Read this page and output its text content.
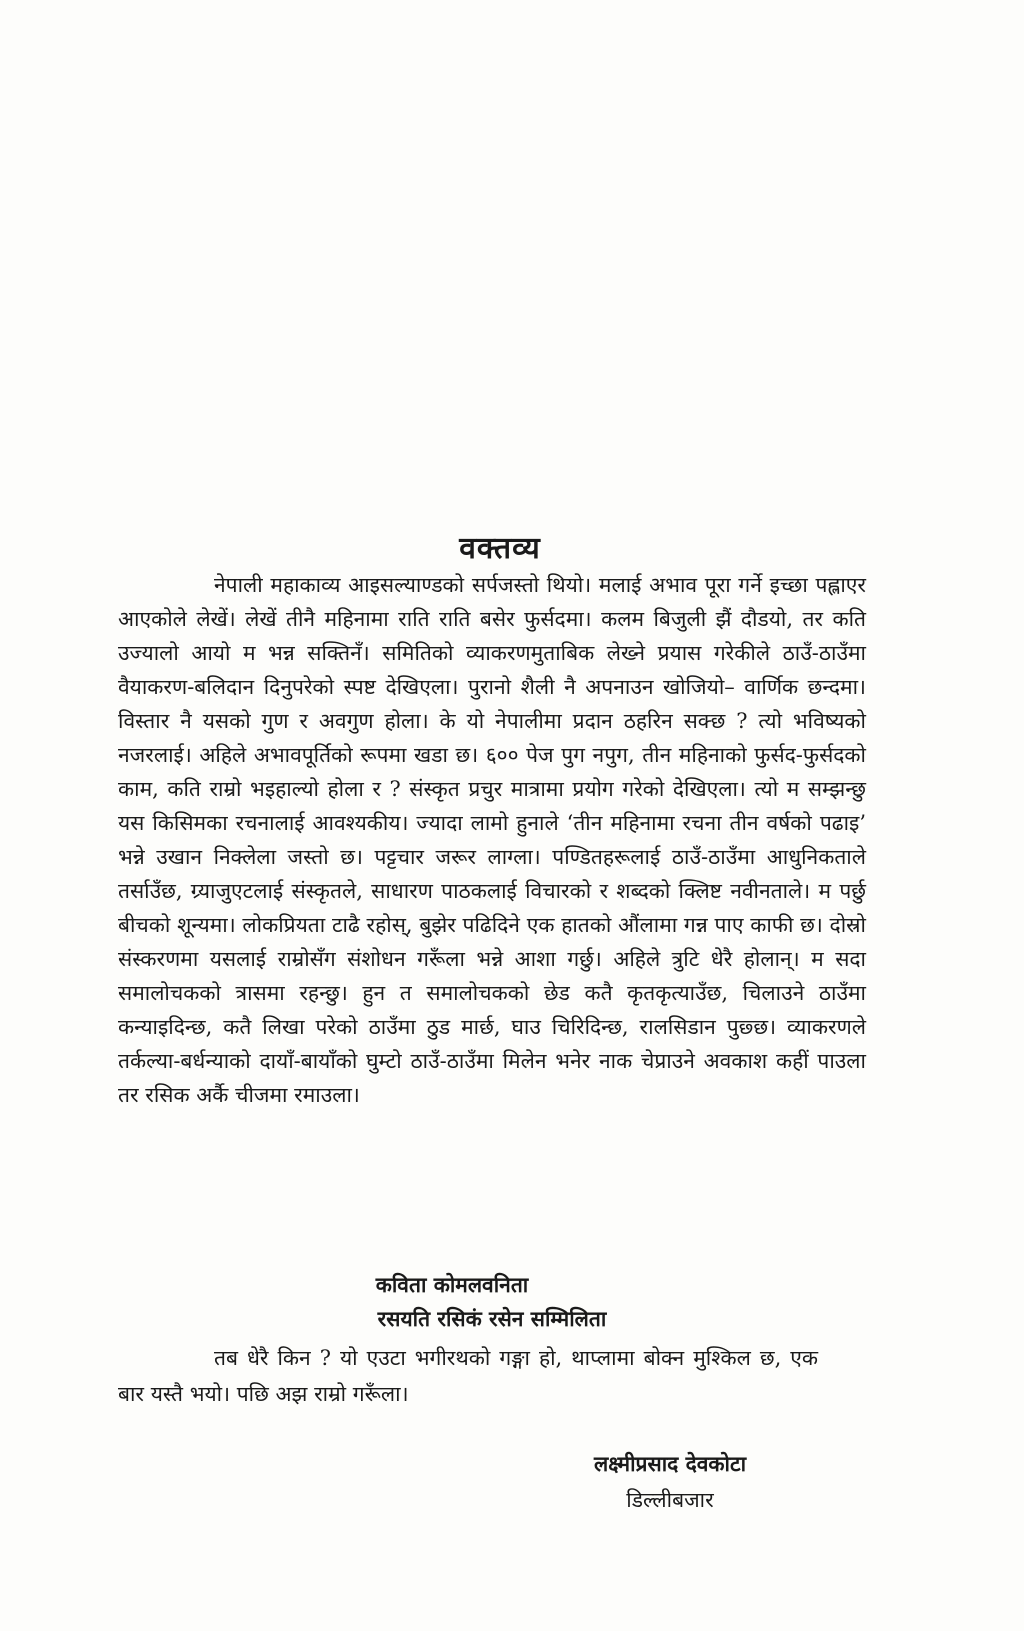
वक्तव्य

नेपाली महाकाव्य आइसल्याण्डको सर्पजस्तो थियो। मलाई अभाव पूरा गर्ने इच्छा पह्लाएर आएकोले लेखें। लेखें तीनै महिनामा राति राति बसेर फुर्सदमा। कलम बिजुली झैं दौडयो, तर कति उज्यालो आयो म भन्न सक्तिनँ। समितिको व्याकरणमुताबिक लेख्ने प्रयास गरेकीले ठाउँ-ठाउँमा वैयाकरण-बलिदान दिनुपरेको स्पष्ट देखिएला। पुरानो शैली नै अपनाउन खोजियो– वार्णिक छन्दमा। विस्तार नै यसको गुण र अवगुण होला। के यो नेपालीमा प्रदान ठहरिन सक्छ ? त्यो भविष्यको नजरलाई। अहिले अभावपूर्तिको रूपमा खडा छ। ६०० पेज पुग नपुग, तीन महिनाको फुर्सद-फुर्सदको काम, कति राम्रो भइहाल्यो होला र ? संस्कृत प्रचुर मात्रामा प्रयोग गरेको देखिएला। त्यो म सम्झन्छु यस किसिमका रचनालाई आवश्यकीय। ज्यादा लामो हुनाले ‘तीन महिनामा रचना तीन वर्षको पढाइ’ भन्ने उखान निक्लेला जस्तो छ। पट्टचार जरूर लाग्ला। पण्डितहरूलाई ठाउँ-ठाउँमा आधुनिकताले तर्साउँछ, ग्र्याजुएटलाई संस्कृतले, साधारण पाठकलाई विचारको र शब्दको क्लिष्ट नवीनताले। म पर्छु बीचको शून्यमा। लोकप्रियता टाढै रहोस्, बुझेर पढिदिने एक हातको औंलामा गन्न पाए काफी छ। दोस्रो संस्करणमा यसलाई राम्रोसँग संशोधन गरूँला भन्ने आशा गर्छु। अहिले त्रुटि धेरै होलान्। म सदा समालोचकको त्रासमा रहन्छु। हुन त समालोचकको छेड कतै कृतकृत्याउँछ, चिलाउने ठाउँमा कन्याइदिन्छ, कतै लिखा परेको ठाउँमा ठुड मार्छ, घाउ चिरिदिन्छ, रालसिडान पुछ्छ। व्याकरणले तर्कल्या-बर्धन्याको दायाँ-बायाँको घुम्टो ठाउँ-ठाउँमा मिलेन भनेर नाक चेप्राउने अवकाश कहीं पाउला तर रसिक अर्कै चीजमा रमाउला।

कविता कोमलवनिता
रसयति रसिकं रसेन सम्मिलिता

तब धेरै किन ? यो एउटा भगीरथको गङ्गा हो, थाप्लामा बोक्न मुश्किल छ, एक बार यस्तै भयो। पछि अझ राम्रो गरूँला।

लक्ष्मीप्रसाद देवकोटा
डिल्लीबजार
